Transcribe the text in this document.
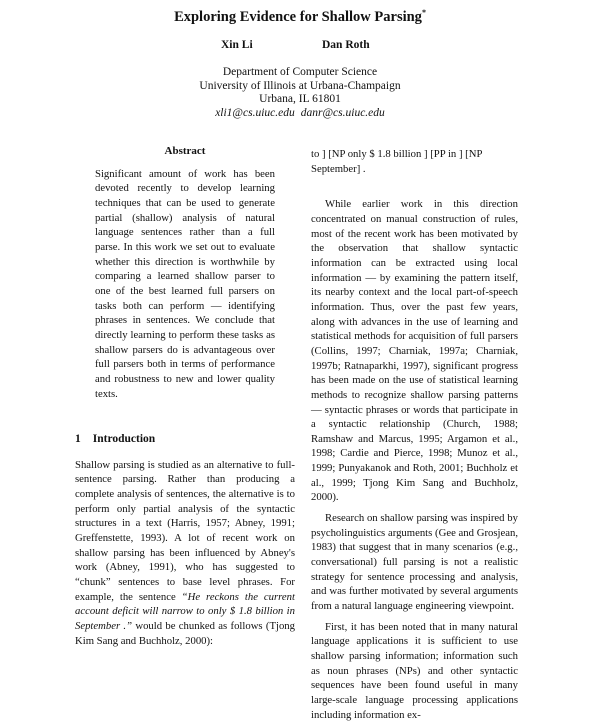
Exploring Evidence for Shallow Parsing*
Xin Li	Dan Roth
Department of Computer Science
University of Illinois at Urbana-Champaign
Urbana, IL 61801
xli1@cs.uiuc.edu danr@cs.uiuc.edu
Abstract

Significant amount of work has been devoted recently to develop learning techniques that can be used to generate partial (shallow) analysis of natural language sentences rather than a full parse. In this work we set out to evaluate whether this direction is worthwhile by comparing a learned shallow parser to one of the best learned full parsers on tasks both can perform — identifying phrases in sentences. We conclude that directly learning to perform these tasks as shallow parsers do is advantageous over full parsers both in terms of performance and robustness to new and lower quality texts.

1 Introduction

Shallow parsing is studied as an alternative to full-sentence parsing. Rather than producing a complete analysis of sentences, the alternative is to perform only partial analysis of the syntactic structures in a text (Harris, 1957; Abney, 1991; Greffenstette, 1993). A lot of recent work on shallow parsing has been influenced by Abney's work (Abney, 1991), who has suggested to “chunk” sentences to base level phrases. For example, the sentence “He reckons the current account deficit will narrow to only $ 1.8 billion in September .” would be chunked as follows (Tjong Kim Sang and Buchholz, 2000):

to ] [NP only $ 1.8 billion ] [PP in ] [NP September] .

While earlier work in this direction concentrated on manual construction of rules, most of the recent work has been motivated by the observation that shallow syntactic information can be extracted using local information — by examining the pattern itself, its nearby context and the local part-of-speech information. Thus, over the past few years, along with advances in the use of learning and statistical methods for acquisition of full parsers (Collins, 1997; Charniak, 1997a; Charniak, 1997b; Ratnaparkhi, 1997), significant progress has been made on the use of statistical learning methods to recognize shallow parsing patterns — syntactic phrases or words that participate in a syntactic relationship (Church, 1988; Ramshaw and Marcus, 1995; Argamon et al., 1998; Cardie and Pierce, 1998; Munoz et al., 1999; Punyakanok and Roth, 2001; Buchholz et al., 1999; Tjong Kim Sang and Buchholz, 2000).

Research on shallow parsing was inspired by psycholinguistics arguments (Gee and Grosjean, 1983) that suggest that in many scenarios (e.g., conversational) full parsing is not a realistic strategy for sentence processing and analysis, and was further motivated by several arguments from a natural language engineering viewpoint.

First, it has been noted that in many natural language applications it is sufficient to use shallow parsing information; information such as noun phrases (NPs) and other syntactic sequences have been found useful in many large-scale language processing applications including information ex-
